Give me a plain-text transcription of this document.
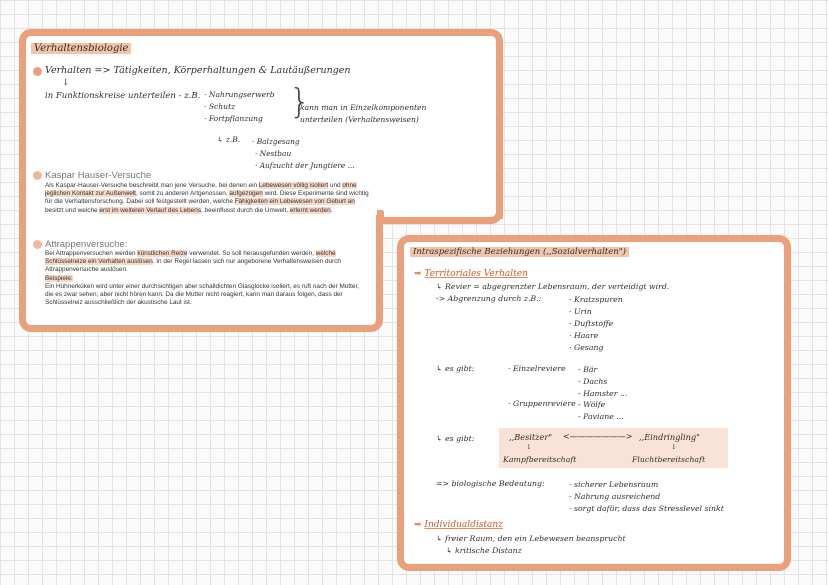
Verhaltensbiologie
Verhalten => Tätigkeiten, Körperhaltungen & Lautäußerungen
↓
in Funktionskreise unterteilen - z.B. · Nahrungserwerb
· Schutz
· Fortpflanzung }
kann man in Einzelkomponenten
unterteilen (Verhaltensweisen)
↳ z.B. · Balzgesang
· Nestbau
· Aufzucht der Jungtiere ...
Kaspar Hauser-Versuche
Als Kaspar-Hauser-Versuche beschreibt man jene Versuche, bei denen ein Lebewesen völlig isoliert und ohne jeglichen Kontakt zur Außenwelt, somit zu anderen Artgenossen, aufgezogen wird. Diese Experimente sind wichtig für die Verhaltensforschung. Dabei soll festgestellt werden, welche Fähigkeiten ein Lebewesen von Geburt an besitzt und welche erst im weiteren Verlauf des Lebens, beeinflusst durch die Umwelt, erlernt werden.
Attrappenversuche:
Bei Attrappenversuchen werden künstlichen Reize verwendet. So soll herausgefunden werden, welche Schlüsselreize ein Verhalten auslösen. In der Regel lassen sich nur angeborene Verhaltensweisen durch Attrappenversuche auslösen.
Beispiele:
Ein Hühnerküken wird unter einer durchsichtigen aber schalldichten Glasglocke isoliert, es ruft nach der Mutter, die es zwar sehen; aber nicht hören kann. Da die Mutter nicht reagiert, kann man daraus folgen, dass der Schlüsselreiz ausschließlich der akustische Laut ist.
Intraspezifische Beziehungen (,,Sozialverhalten")
➡ Territoriales Verhalten
↳ Revier = abgegrenzter Lebensraum, der verteidigt wird.
-> Abgrenzung durch z.B.:	· Kratzspuren
· Urin
· Duftstoffe
· Haare
· Gesang
↳ es gibt:	· Einzelreviere - Bär
- Dachs
- Hamster ...
· Gruppenreviere - Wölfe
- Paviane ...
↳ es gibt:	,,Besitzer" <———————> ,,Eindringling"
↓	↓
Kampfbereitschaft	Fluchtbereitschaft
=> biologische Bedeutung:	· sicherer Lebensraum
· Nahrung ausreichend
· sorgt dafür, dass das Stresslevel sinkt
➡ Individualdistanz
↳ freier Raum, den ein Lebewesen beansprucht
↳ kritische Distanz
